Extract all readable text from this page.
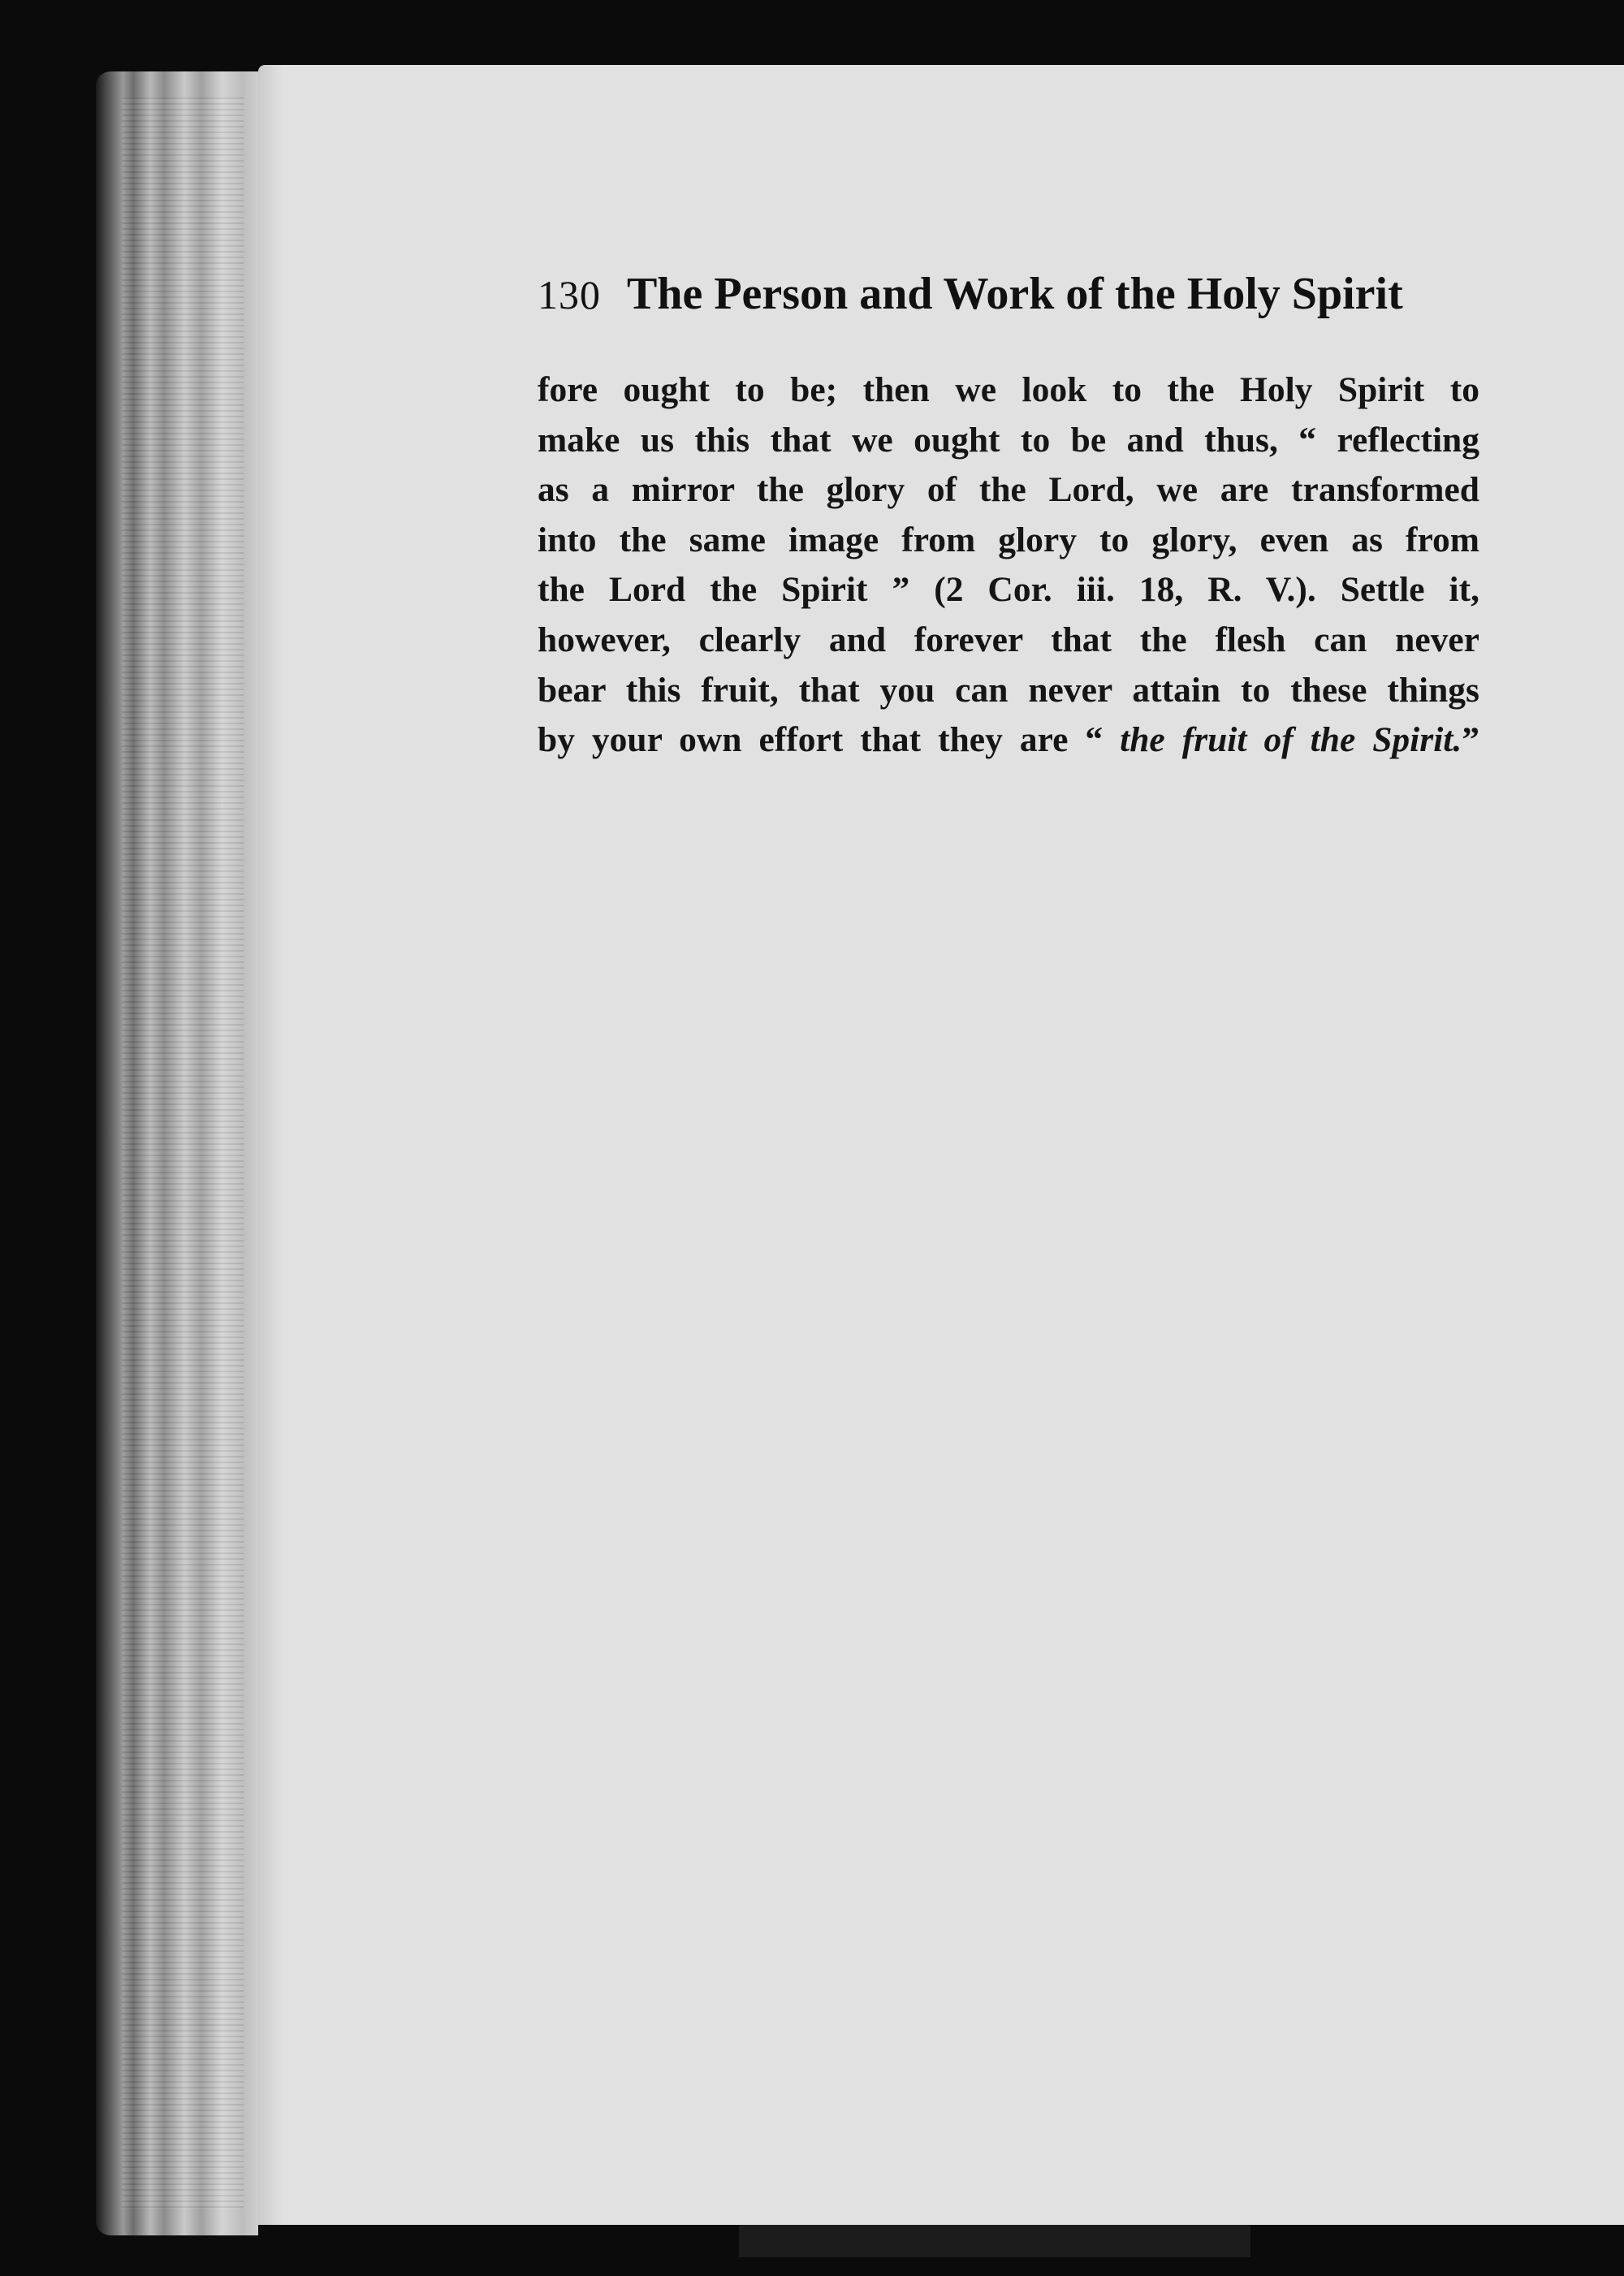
130 The Person and Work of the Holy Spirit
fore ought to be; then we look to the Holy Spirit to
make us this that we ought to be and thus, “ reflecting
as a mirror the glory of the Lord, we are transformed
into the same image from glory to glory, even as from
the Lord the Spirit ” (2 Cor. iii. 18, R. V.). Settle it,
however, clearly and forever that the flesh can never
bear this fruit, that you can never attain to these things
by your own effort that they are “ the fruit of the Spirit.”
